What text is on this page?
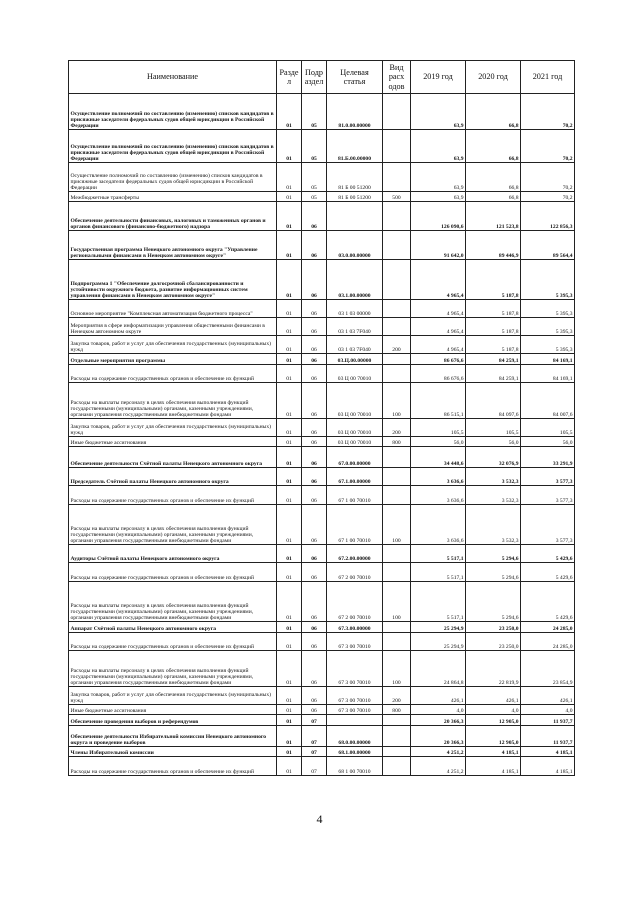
Наименование	Разде л	Подр аздел	Целевая статья	Вид расх одов	2019 год	2020 год	2021 год
Осуществление полномочий по составлению (изменению) списков кандидатов в присяжные заседатели федеральных судов общей юрисдикции в Российской Федерации	01	05	81.0.00.00000		63,9	66,8	70,2
Осуществление полномочий по составлению (изменению) списков кандидатов в присяжные заседатели федеральных судов общей юрисдикции в Российской Федерации	01	05	81.Б.00.00000		63,9	66,8	70,2
Осуществление полномочий по составлению (изменению) списков кандидатов в присяжные заседатели федеральных судов общей юрисдикции в Российской Федерации	01	05	81 Б 00 51200		63,9	66,8	70,2
Межбюджетные трансферты	01	05	81 Б 00 51200	500	63,9	66,8	70,2
Обеспечение деятельности финансовых, налоговых и таможенных органов и органов финансового (финансово-бюджетного) надзора	01	06			126 090,6	121 523,8	122 856,3
Государственная программа Ненецкого автономного округа "Управление региональными финансами в Ненецком автономном округе"	01	06	03.0.00.00000		91 642,0	89 446,9	89 564,4
Подпрограмма 1 "Обеспечение долгосрочной сбалансированности и устойчивости окружного бюджета, развитие информационных систем управления финансами в Ненецком автономном округе"	01	06	03.1.00.00000		4 965,4	5 187,8	5 395,3
Основное мероприятие "Комплексная автоматизация бюджетного процесса"	01	06	03 1 03 00000		4 965,4	5 187,8	5 395,3
Мероприятия в сфере информатизации управления общественными финансами в Ненецком автономном округе	01	06	03 1 03 7F040		4 965,4	5 187,8	5 395,3
Закупка товаров, работ и услуг для обеспечения государственных (муниципальных) нужд	01	06	03 1 03 7F040	200	4 965,4	5 187,8	5 395,3
Отдельные мероприятия программы	01	06	03.Ц.00.00000		86 676,6	84 259,1	84 169,1
Расходы на содержание государственных органов и обеспечение их функций	01	06	03 Ц 00 70010		86 676,6	84 259,1	84 169,1
Расходы на выплаты персоналу в целях обеспечения выполнения функций государственными (муниципальными) органами, казенными учреждениями, органами управления государственными внебюджетными фондами	01	06	03 Ц 00 70010	100	86 515,1	84 097,6	84 007,6
Закупка товаров, работ и услуг для обеспечения государственных (муниципальных) нужд	01	06	03 Ц 00 70010	200	105,5	105,5	105,5
Иные бюджетные ассигнования	01	06	03 Ц 00 70010	800	56,0	56,0	56,0
Обеспечение деятельности Счётной палаты Ненецкого автономного округа	01	06	67.0.00.00000		34 448,6	32 076,9	33 291,9
Председатель Счётной палаты Ненецкого автономного округа	01	06	67.1.00.00000		3 636,6	3 532,3	3 577,3
Расходы на содержание государственных органов и обеспечение их функций	01	06	67 1 00 70010		3 636,6	3 532,3	3 577,3
Расходы на выплаты персоналу в целях обеспечения выполнения функций государственными (муниципальными) органами, казенными учреждениями, органами управления государственными внебюджетными фондами	01	06	67 1 00 70010	100	3 636,6	3 532,3	3 577,3
Аудиторы Счётной палаты Ненецкого автономного округа	01	06	67.2.00.00000		5 517,1	5 294,6	5 429,6
Расходы на содержание государственных органов и обеспечение их функций	01	06	67 2 00 70010		5 517,1	5 294,6	5 429,6
Расходы на выплаты персоналу в целях обеспечения выполнения функций государственными (муниципальными) органами, казенными учреждениями, органами управления государственными внебюджетными фондами	01	06	67 2 00 70010	100	5 517,1	5 294,6	5 429,6
Аппарат Счётной палаты Ненецкого автономного округа	01	06	67.3.00.00000		25 294,9	23 250,0	24 285,0
Расходы на содержание государственных органов и обеспечение их функций	01	06	67 3 00 70010		25 294,9	23 250,0	24 285,0
Расходы на выплаты персоналу в целях обеспечения выполнения функций государственными (муниципальными) органами, казенными учреждениями, органами управления государственными внебюджетными фондами	01	06	67 3 00 70010	100	24 864,8	22 819,9	23 854,9
Закупка товаров, работ и услуг для обеспечения государственных (муниципальных) нужд	01	06	67 3 00 70010	200	426,1	426,1	426,1
Иные бюджетные ассигнования	01	06	67 3 00 70010	800	4,0	4,0	4,0
Обеспечение проведения выборов и референдумов	01	07			20 366,3	12 905,0	11 937,7
Обеспечение деятельности Избирательной комиссии Ненецкого автономного округа и проведение выборов	01	07	68.0.00.00000		20 366,3	12 905,0	11 937,7
Члены Избирательной комиссии	01	07	68.1.00.00000		4 251,2	4 185,1	4 185,1
Расходы на содержание государственных органов и обеспечение их функций	01	07	68 1 00 70010		4 251,2	4 185,1	4 185,1
4
